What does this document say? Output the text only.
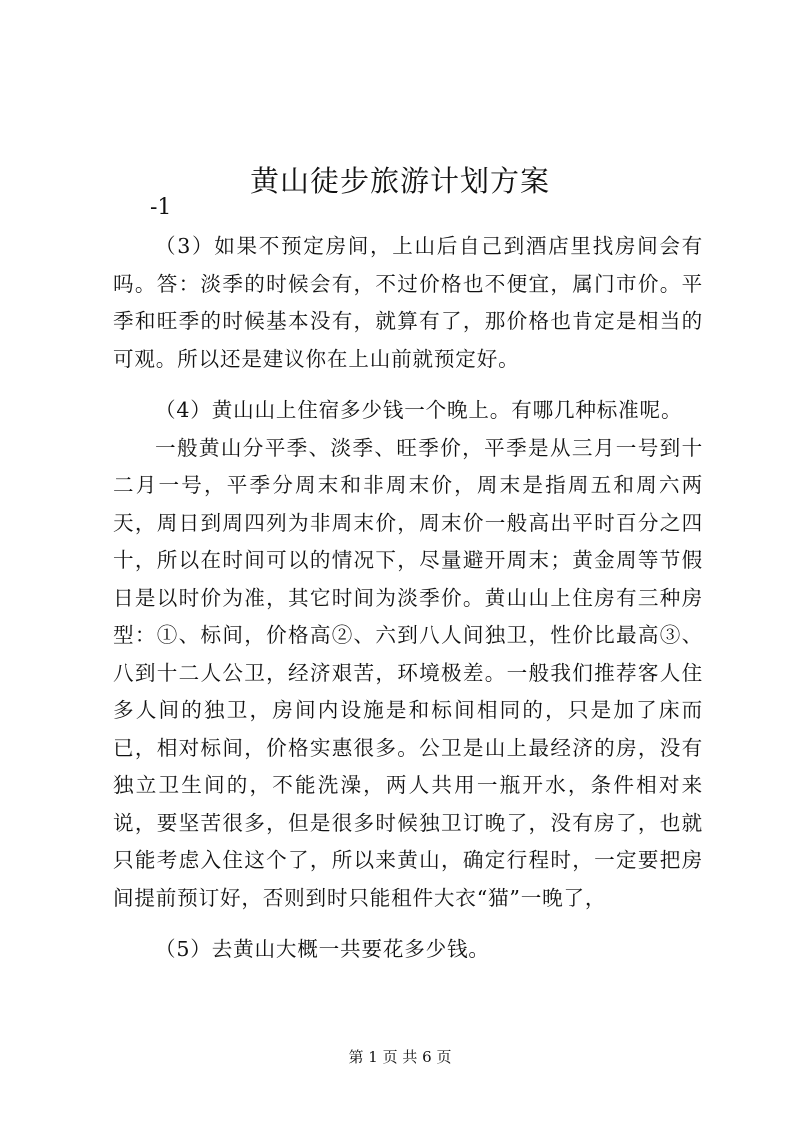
黄山徒步旅游计划方案
-1

（3）如果不预定房间，上山后自己到酒店里找房间会有吗。答：淡季的时候会有，不过价格也不便宜，属门市价。平季和旺季的时候基本没有，就算有了，那价格也肯定是相当的可观。所以还是建议你在上山前就预定好。

（4）黄山山上住宿多少钱一个晚上。有哪几种标准呢。

一般黄山分平季、淡季、旺季价，平季是从三月一号到十二月一号，平季分周末和非周末价，周末是指周五和周六两天，周日到周四列为非周末价，周末价一般高出平时百分之四十，所以在时间可以的情况下，尽量避开周末；黄金周等节假日是以时价为准，其它时间为淡季价。黄山山上住房有三种房型：①、标间，价格高②、六到八人间独卫，性价比最高③、八到十二人公卫，经济艰苦，环境极差。一般我们推荐客人住多人间的独卫，房间内设施是和标间相同的，只是加了床而已，相对标间，价格实惠很多。公卫是山上最经济的房，没有独立卫生间的，不能洗澡，两人共用一瓶开水，条件相对来说，要坚苦很多，但是很多时候独卫订晚了，没有房了，也就只能考虑入住这个了，所以来黄山，确定行程时，一定要把房间提前预订好，否则到时只能租件大衣“猫”一晚了，

（5）去黄山大概一共要花多少钱。

第 1 页 共 6 页
